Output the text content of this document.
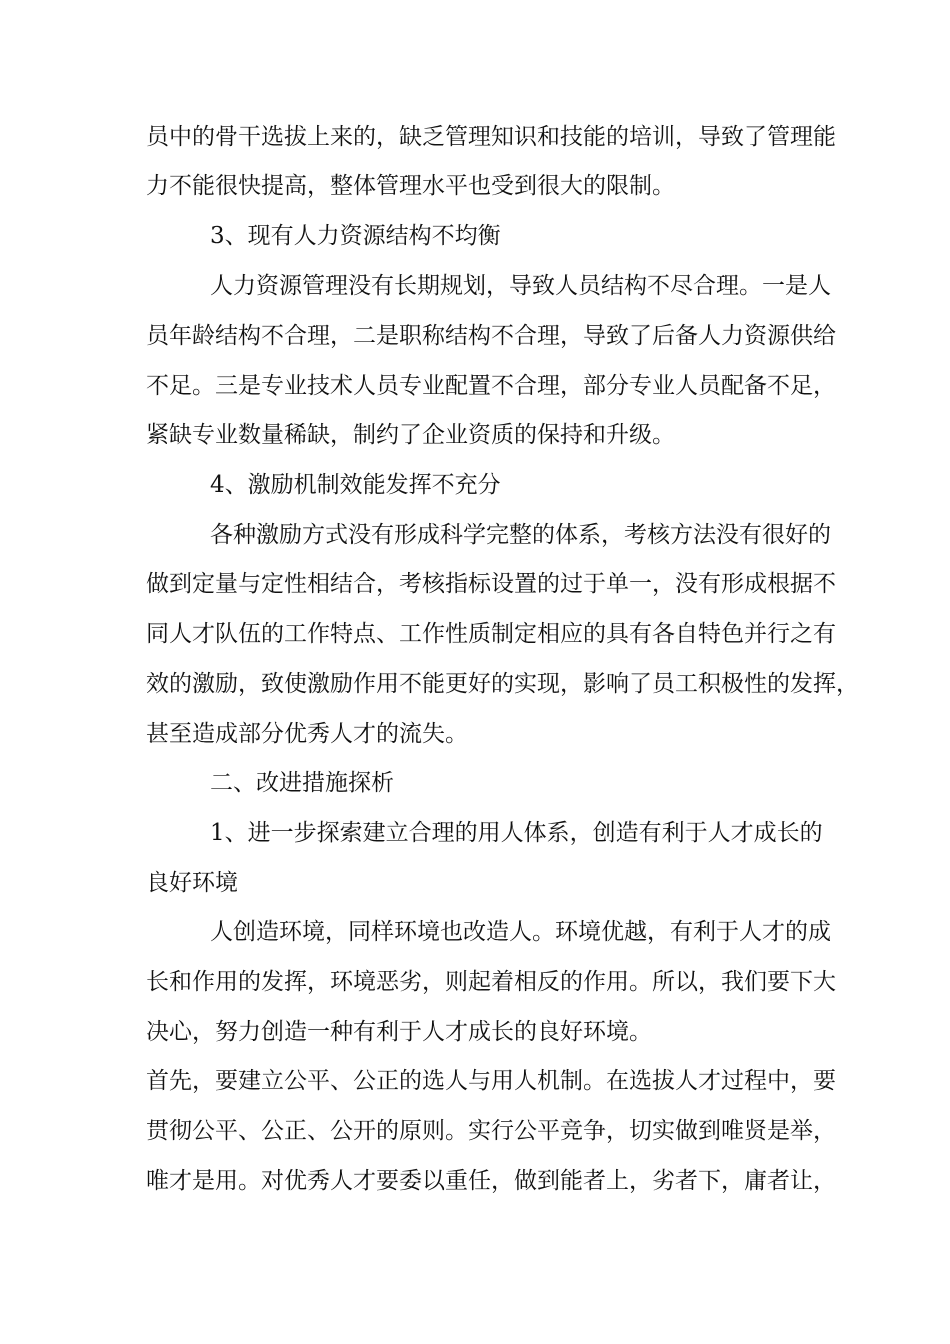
员中的骨干选拔上来的，缺乏管理知识和技能的培训，导致了管理能
力不能很快提高，整体管理水平也受到很大的限制。
3、现有人力资源结构不均衡
人力资源管理没有长期规划，导致人员结构不尽合理。一是人
员年龄结构不合理，二是职称结构不合理，导致了后备人力资源供给
不足。三是专业技术人员专业配置不合理，部分专业人员配备不足，
紧缺专业数量稀缺，制约了企业资质的保持和升级。
4、激励机制效能发挥不充分
各种激励方式没有形成科学完整的体系，考核方法没有很好的
做到定量与定性相结合，考核指标设置的过于单一，没有形成根据不
同人才队伍的工作特点、工作性质制定相应的具有各自特色并行之有
效的激励，致使激励作用不能更好的实现，影响了员工积极性的发挥，
甚至造成部分优秀人才的流失。
二、改进措施探析
1、进一步探索建立合理的用人体系，创造有利于人才成长的
良好环境
人创造环境，同样环境也改造人。环境优越，有利于人才的成
长和作用的发挥，环境恶劣，则起着相反的作用。所以，我们要下大
决心，努力创造一种有利于人才成长的良好环境。
首先，要建立公平、公正的选人与用人机制。在选拔人才过程中，要
贯彻公平、公正、公开的原则。实行公平竞争，切实做到唯贤是举，
唯才是用。对优秀人才要委以重任，做到能者上，劣者下，庸者让，
